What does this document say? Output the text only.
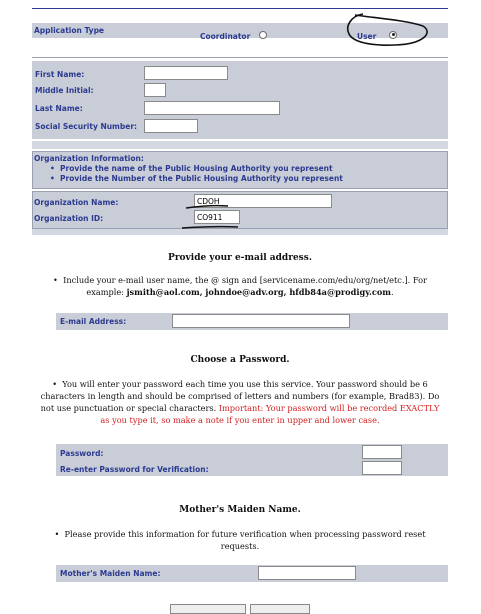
Application Type
Coordinator	User
First Name:
Middle Initial:
Last Name:
Social Security Number:
Organization Information:
• Provide the name of the Public Housing Authority you represent
• Provide the Number of the Public Housing Authority you represent
Organization Name:	CDOH
Organization ID:	CO911
Provide your e-mail address.
• Include your e-mail user name, the @ sign and [servicename.com/edu/org/net/etc.]. For example: jsmith@aol.com, johndoe@adv.org, hfdb84a@prodigy.com.
E-mail Address:
Choose a Password.
• You will enter your password each time you use this service. Your password should be 6 characters in length and should be comprised of letters and numbers (for example, Brad83). Do not use punctuation or special characters. Important: Your password will be recorded EXACTLY as you type it, so make a note if you enter in upper and lower case.
Password:
Re-enter Password for Verification:
Mother's Maiden Name.
• Please provide this information for future verification when processing password reset requests.
Mother's Maiden Name:
